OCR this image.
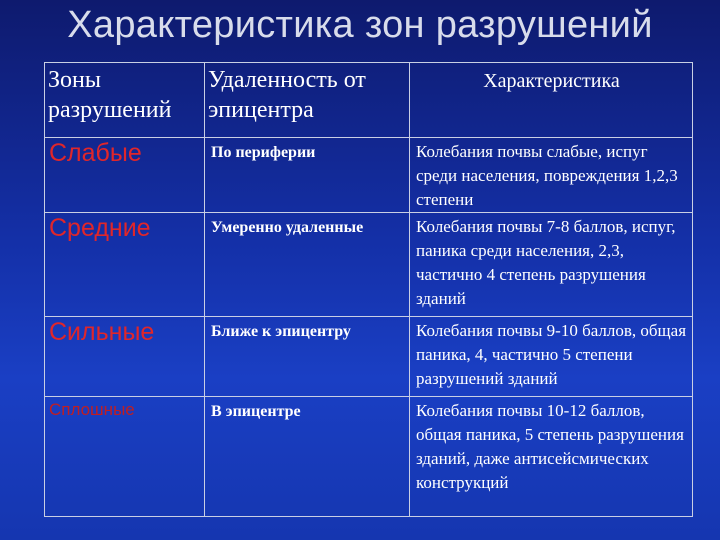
Характеристика зон разрушений
Зоны разрушений	Удаленность от эпицентра	Характеристика
Слабые	По периферии	Колебания почвы слабые, испуг среди населения, повреждения 1,2,3 степени
Средние	Умеренно удаленные	Колебания почвы 7-8 баллов, испуг, паника среди населения, 2,3, частично 4 степень разрушения зданий
Сильные	Ближе к эпицентру	Колебания почвы 9-10 баллов, общая паника, 4, частично 5 степени разрушений зданий
Сплошные	В эпицентре	Колебания почвы 10-12 баллов, общая паника, 5 степень разрушения зданий, даже антисейсмических конструкций
